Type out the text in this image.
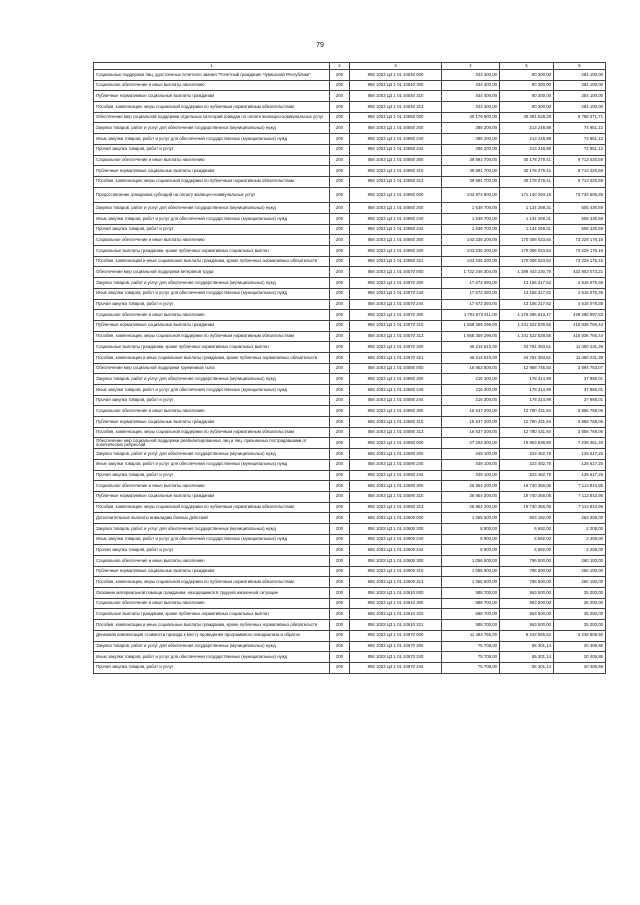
79
1	2	3	4	5	6
Социальные поддержка лиц, удостоенных почетного звания "Почетный гражданин Чувашской Республики"	200	856 1003 Ц3 1 01 10540 000	344 400,00	90 300,00	254 100,00
Социальное обеспечение и иные выплаты населению	200	856 1003 Ц3 1 01 10540 300	344 400,00	90 300,00	254 100,00
Публичные нормативные социальные выплаты гражданам	200	856 1003 Ц3 1 01 10540 310	344 400,00	90 300,00	254 100,00
Пособия, компенсации, меры социальной поддержки по публичным нормативным обязательствам	200	856 1003 Ц3 1 01 10540 313	344 400,00	90 300,00	254 100,00
Обеспечение мер социальной поддержки отдельных категорий граждан по оплате жилищно-коммунальных услуг	200	856 1003 Ц3 1 01 10550 000	40 179 900,00	30 391 528,29	9 788 371,71
Закупка товаров, работ и услуг для обеспечения государственных (муниципальных) нужд	200	856 1003 Ц3 1 01 10550 200	288 200,00	213 248,88	74 951,12
Иные закупки товаров, работ и услуг для обеспечения государственных (муниципальных) нужд	200	856 1003 Ц3 1 01 10550 240	288 200,00	213 248,88	74 951,12
Прочая закупка товаров, работ и услуг	200	856 1003 Ц3 1 01 10550 244	288 200,00	213 248,88	74 951,12
Социальное обеспечение и иные выплаты населению	200	856 1003 Ц3 1 01 10550 300	39 891 700,00	30 178 279,41	9 713 420,59
Публичные нормативные социальные выплаты гражданам	200	856 1003 Ц3 1 01 10550 310	39 891 700,00	30 178 279,41	9 713 420,59
Пособия, компенсации, меры социальной поддержки по публичным нормативным обязательствам	200	856 1003 Ц3 1 01 10550 313	39 891 700,00	30 178 279,41	9 713 420,59
Предоставление гражданам субсидий на оплату жилищно-коммунальных услуг	200	856 1003 Ц3 1 01 10560 000	244 874 800,00	171 140 293,15	73 734 506,85
Закупка товаров, работ и услуг для обеспечения государственных (муниципальных) нужд	200	856 1003 Ц3 1 01 10560 200	1 639 700,00	1 134 269,31	505 430,69
Иные закупки товаров, работ и услуг для обеспечения государственных (муниципальных) нужд	200	856 1003 Ц3 1 01 10560 240	1 639 700,00	1 134 269,31	505 430,69
Прочая закупка товаров, работ и услуг	200	856 1003 Ц3 1 01 10560 244	1 639 700,00	1 134 269,31	505 430,69
Социальное обеспечение и иные выплаты населению	200	856 1003 Ц3 1 01 10560 300	243 235 200,00	170 006 023,84	73 229 176,16
Социальные выплаты гражданам, кроме публичных нормативных социальных выплат	200	856 1003 Ц3 1 01 10560 320	243 235 200,00	170 006 023,84	73 229 176,16
Пособия, компенсации и иные социальные выплаты гражданам, кроме публичных нормативных обязательств	200	856 1003 Ц3 1 01 10560 321	243 235 200,00	170 006 023,84	73 229 176,16
Обеспечение мер социальной поддержки ветеранов труда	200	856 1003 Ц3 1 01 10570 000	1 722 246 304,00	1 289 443 230,79	432 803 073,21
Закупка товаров, работ и услуг для обеспечения государственных (муниципальных) нужд	200	856 1003 Ц3 1 01 10570 200	17 672 393,00	13 156 317,62	4 516 075,38
Иные закупки товаров, работ и услуг для обеспечения государственных (муниципальных) нужд	200	856 1003 Ц3 1 01 10570 240	17 672 393,00	13 156 317,62	4 516 075,38
Прочая закупка товаров, работ и услуг	200	856 1003 Ц3 1 01 10570 244	17 672 393,00	13 156 317,62	4 516 075,38
Социальное обеспечение и иные выплаты населению	200	856 1003 Ц3 1 01 10570 300	1 704 573 911,00	1 276 286 913,17	428 286 997,83
Публичные нормативные социальные выплаты гражданам	200	856 1003 Ц3 1 01 10570 310	1 658 359 296,00	1 241 522 529,56	416 836 766,44
Пособия, компенсации, меры социальной поддержки по публичным нормативным обязательствам	200	856 1003 Ц3 1 01 10570 313	1 658 359 296,00	1 241 522 529,56	416 836 766,44
Социальные выплаты гражданам, кроме публичных нормативных социальных выплат	200	856 1003 Ц3 1 01 10570 320	46 214 615,00	34 764 383,61	11 450 231,39
Пособия, компенсации и иные социальные выплаты гражданам, кроме публичных нормативных обязательств	200	856 1003 Ц3 1 01 10570 321	46 214 615,00	34 764 383,61	11 450 231,39
Обеспечение мер социальной поддержки тружеников тыла	200	856 1003 Ц3 1 01 10580 000	16 853 500,00	12 958 746,93	3 894 753,07
Закупка товаров, работ и услуг для обеспечения государственных (муниципальных) нужд	200	856 1003 Ц3 1 01 10580 200	216 300,00	178 314,99	37 985,01
Иные закупки товаров, работ и услуг для обеспечения государственных (муниципальных) нужд	200	856 1003 Ц3 1 01 10580 240	216 300,00	178 314,99	37 985,01
Прочая закупка товаров, работ и услуг	200	856 1003 Ц3 1 01 10580 244	216 300,00	178 314,99	37 985,01
Социальное обеспечение и иные выплаты населению	200	856 1003 Ц3 1 01 10580 300	16 637 200,00	12 780 431,94	3 856 768,06
Публичные нормативные социальные выплаты гражданам	200	856 1003 Ц3 1 01 10580 310	16 637 200,00	12 780 431,94	3 856 768,06
Пособия, компенсации, меры социальной поддержки по публичным нормативным обязательствам	200	856 1003 Ц3 1 01 10580 313	16 637 200,00	12 780 431,94	3 856 768,06
Обеспечение мер социальной поддержки реабилитированных лиц и лиц, признанных пострадавшими от политических репрессий	200	856 1003 Ц3 1 01 10590 000	27 203 300,00	19 963 838,80	7 239 461,20
Закупка товаров, работ и услуг для обеспечения государственных (муниципальных) нужд	200	856 1003 Ц3 1 01 10590 200	349 100,00	223 482,75	125 617,25
Иные закупки товаров, работ и услуг для обеспечения государственных (муниципальных) нужд	200	856 1003 Ц3 1 01 10590 240	349 100,00	223 482,75	125 617,25
Прочая закупка товаров, работ и услуг	200	856 1003 Ц3 1 01 10590 244	349 100,00	223 482,75	125 617,25
Социальное обеспечение и иные выплаты населению	200	856 1003 Ц3 1 01 10590 300	26 854 200,00	19 740 356,05	7 113 843,95
Публичные нормативные социальные выплаты гражданам	200	856 1003 Ц3 1 01 10590 310	26 854 200,00	19 740 356,05	7 113 843,95
Пособия, компенсации, меры социальной поддержки по публичным нормативным обязательствам	200	856 1003 Ц3 1 01 10590 313	26 854 200,00	19 740 356,05	7 113 843,95
Дополнительные выплаты инвалидам боевых действий	200	856 1003 Ц3 1 01 10600 000	1 065 500,00	803 192,00	262 308,00
Закупка товаров, работ и услуг для обеспечения государственных (муниципальных) нужд	200	856 1003 Ц3 1 01 10600 200	8 900,00	6 692,00	2 208,00
Иные закупки товаров, работ и услуг для обеспечения государственных (муниципальных) нужд	200	856 1003 Ц3 1 01 10600 240	8 900,00	6 692,00	2 208,00
Прочая закупка товаров, работ и услуг	200	856 1003 Ц3 1 01 10600 244	8 900,00	6 692,00	2 208,00
Социальное обеспечение и иные выплаты населению	200	856 1003 Ц3 1 01 10600 300	1 056 600,00	796 500,00	260 100,00
Публичные нормативные социальные выплаты гражданам	200	856 1003 Ц3 1 01 10600 310	1 056 600,00	796 500,00	260 100,00
Пособия, компенсации, меры социальной поддержки по публичным нормативным обязательствам	200	856 1003 Ц3 1 01 10600 313	1 056 600,00	796 500,00	260 100,00
Оказание материальной помощи гражданам, находящимся в трудной жизненной ситуации	200	856 1003 Ц3 1 01 10610 000	588 700,00	563 500,00	25 200,00
Социальное обеспечение и иные выплаты населению	200	856 1003 Ц3 1 01 10610 300	588 700,00	563 500,00	25 200,00
Социальные выплаты гражданам, кроме публичных нормативных социальных выплат	200	856 1003 Ц3 1 01 10610 320	588 700,00	563 500,00	25 200,00
Пособия, компенсации и иные социальные выплаты гражданам, кроме публичных нормативных обязательств	200	856 1003 Ц3 1 01 10610 321	588 700,00	563 500,00	25 200,00
Денежная компенсация стоимости проезда к месту проведения программного гемодиализа и обратно	200	856 1003 Ц3 1 01 10670 000	11 483 766,00	8 233 956,52	3 249 809,50
Закупка товаров, работ и услуг для обеспечения государственных (муниципальных) нужд	200	856 1003 Ц3 1 01 10670 200	75 708,00	55 301,14	20 406,86
Иные закупки товаров, работ и услуг для обеспечения государственных (муниципальных) нужд	200	856 1003 Ц3 1 01 10670 240	75 708,00	55 301,14	20 406,86
Прочая закупка товаров, работ и услуг	200	856 1003 Ц3 1 01 10670 244	75 708,00	55 301,14	20 406,86
